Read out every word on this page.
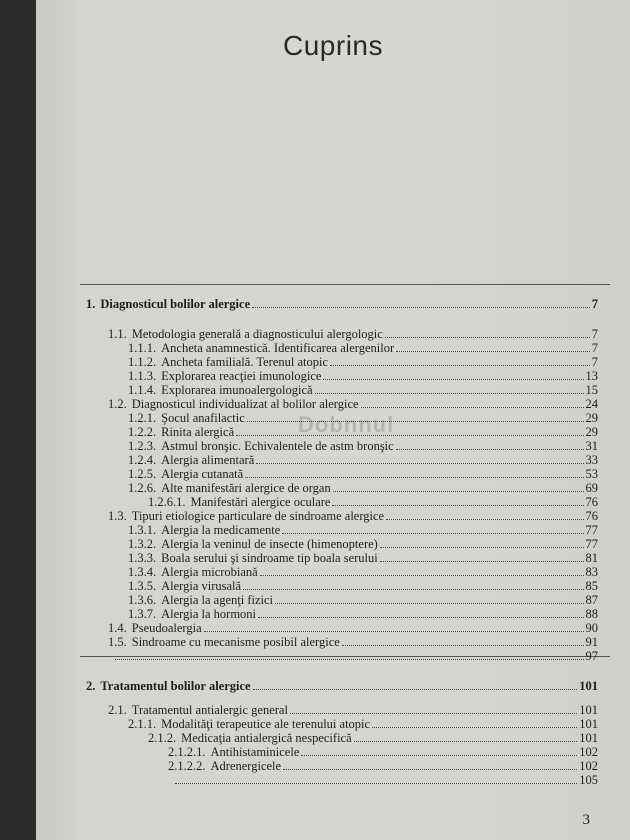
Cuprins
Dobnnul
1. Diagnosticul bolilor alergice	7
1.1. Metodologia generală a diagnosticului alergologic	7
1.1.1. Ancheta anamnestică. Identificarea alergenilor	7
1.1.2. Ancheta familială. Terenul atopic	7
1.1.3. Explorarea reacţiei imunologice	13
1.1.4. Explorarea imunoalergologică	15
1.2. Diagnosticul individualizat al bolilor alergice	24
1.2.1. Şocul anafilactic	29
1.2.2. Rinita alergică	29
1.2.3. Astmul bronşic. Echivalentele de astm bronşic	31
1.2.4. Alergia alimentară	33
1.2.5. Alergia cutanată	53
1.2.6. Alte manifestări alergice de organ	69
1.2.6.1. Manifestări alergice oculare	76
1.3. Tipuri etiologice particulare de sindroame alergice	76
1.3.1. Alergia la medicamente	77
1.3.2. Alergia la veninul de insecte (himenoptere)	77
1.3.3. Boala serului şi sindroame tip boala serului	81
1.3.4. Alergia microbiană	83
1.3.5. Alergia virusală	85
1.3.6. Alergia la agenţi fizici	87
1.3.7. Alergia la hormoni	88
1.4. Pseudoalergia	90
1.5. Sindroame cu mecanisme posibil alergice	91
97
2. Tratamentul bolilor alergice	101
2.1. Tratamentul antialergic general	101
2.1.1. Modalităţi terapeutice ale terenului atopic	101
2.1.2. Medicaţia antialergică nespecifică	101
2.1.2.1. Antihistaminicele	102
2.1.2.2. Adrenergicele	102
105
3
